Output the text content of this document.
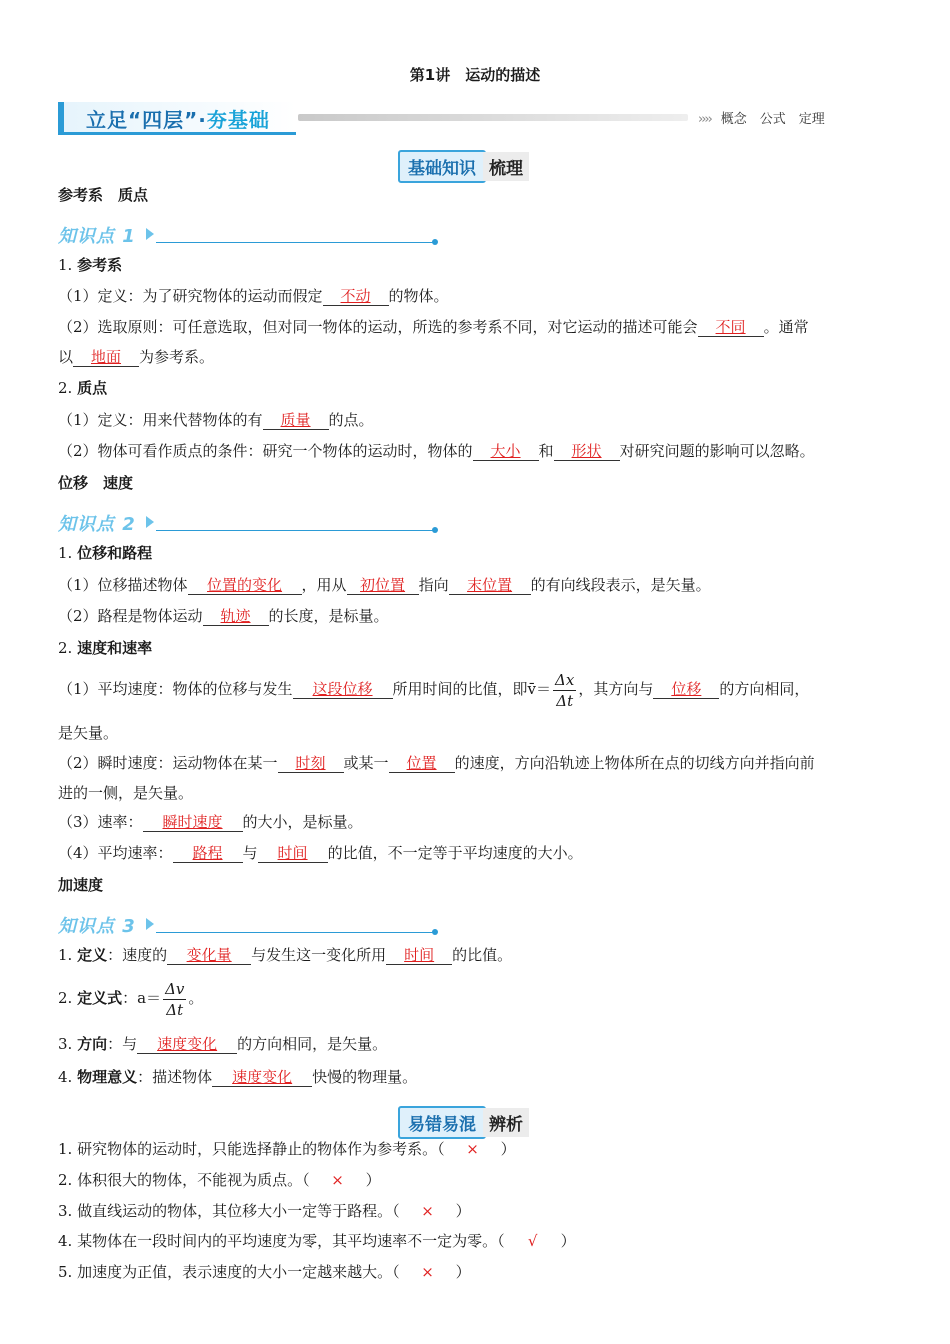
第1讲　运动的描述
立足“四层”·夯基础	›››› 概念　公式　定理
基础知识 梳理
参考系　质点
知识点 1
1. 参考系
（1）定义：为了研究物体的运动而假定 不动 的物体。
（2）选取原则：可任意选取，但对同一物体的运动，所选的参考系不同，对它运动的描述可能会 不同 。通常
以 地面 为参考系。
2. 质点
（1）定义：用来代替物体的有 质量 的点。
（2）物体可看作质点的条件：研究一个物体的运动时，物体的 大小 和 形状 对研究问题的影响可以忽略。
位移　速度
知识点 2
1. 位移和路程
（1）位移描述物体 位置的变化 ，用从 初位置 指向 末位置 的有向线段表示，是矢量。
（2）路程是物体运动 轨迹 的长度，是标量。
2. 速度和速率
（1）平均速度：物体的位移与发生 这段位移 所用时间的比值，即v̄＝ $\frac{\Delta x}{\Delta t}$ ，其方向与 位移 的方向相同，
是矢量。
（2）瞬时速度：运动物体在某一 时刻 或某一 位置 的速度，方向沿轨迹上物体所在点的切线方向并指向前
进的一侧，是矢量。
（3）速率： 瞬时速度 的大小，是标量。
（4）平均速率： 路程 与 时间 的比值，不一定等于平均速度的大小。
加速度
知识点 3
1. 定义：速度的 变化量 与发生这一变化所用 时间 的比值。
2. 定义式：$a= \frac{\Delta v}{\Delta t}$ 。
3. 方向：与 速度变化 的方向相同，是矢量。
4. 物理意义：描述物体 速度变化 快慢的物理量。
易错易混 辨析
1. 研究物体的运动时，只能选择静止的物体作为参考系。（ × ）
2. 体积很大的物体，不能视为质点。（ × ）
3. 做直线运动的物体，其位移大小一定等于路程。（ × ）
4. 某物体在一段时间内的平均速度为零，其平均速率不一定为零。（ √ ）
5. 加速度为正值，表示速度的大小一定越来越大。（ × ）
